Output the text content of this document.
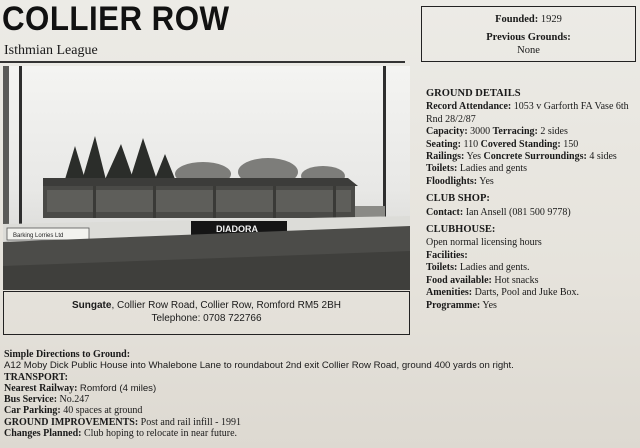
COLLIER ROW
Isthmian League
Founded: 1929
Previous Grounds:
None
Barking Lorries Ltd
DIADORA
Sungate, Collier Row Road, Collier Row, Romford RM5 2BH
Telephone: 0708 722766
GROUND DETAILS
Record Attendance: 1053 v Garforth FA Vase 6th Rnd 28/2/87
Capacity: 3000 Terracing: 2 sides
Seating: 110 Covered Standing: 150
Railings: Yes Concrete Surroundings: 4 sides
Toilets: Ladies and gents
Floodlights: Yes
CLUB SHOP:
Contact: Ian Ansell (081 500 9778)
CLUBHOUSE:
Open normal licensing hours
Facilities:
Toilets: Ladies and gents.
Food available: Hot snacks
Amenities: Darts, Pool and Juke Box.
Programme: Yes
Simple Directions to Ground:
A12 Moby Dick Public House into Whalebone Lane to roundabout 2nd exit Collier Row Road, ground 400 yards on right.
TRANSPORT:
Nearest Railway: Romford (4 miles)
Bus Service: No.247
Car Parking: 40 spaces at ground
GROUND IMPROVEMENTS: Post and rail infill - 1991
Changes Planned: Club hoping to relocate in near future.
